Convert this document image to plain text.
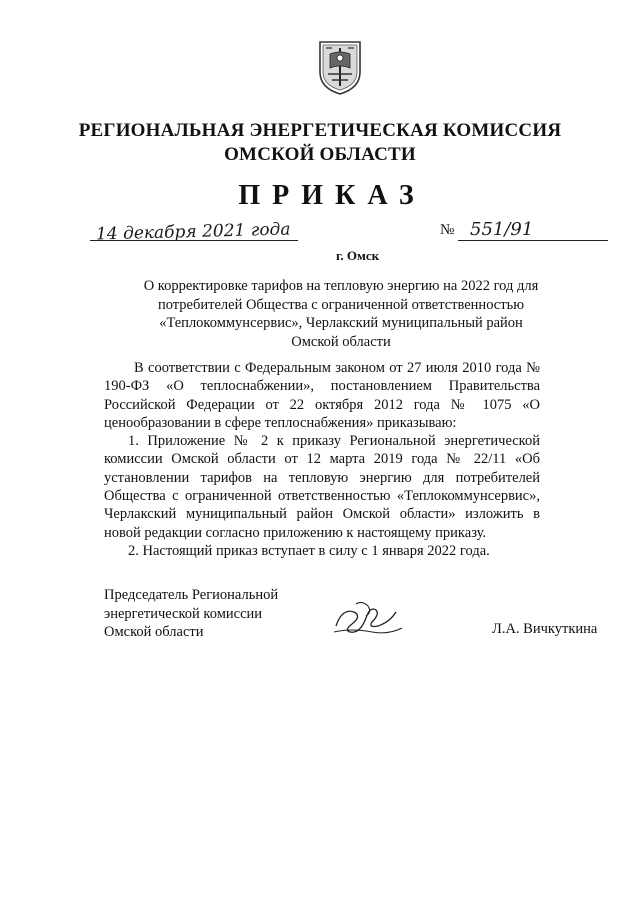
РЕГИОНАЛЬНАЯ ЭНЕРГЕТИЧЕСКАЯ КОМИССИЯ
ОМСКОЙ ОБЛАСТИ
ПРИКАЗ
14 декабря 2021 года
г. Омск
№ 551/91
О корректировке тарифов на тепловую энергию на 2022 год для
потребителей Общества с ограниченной ответственностью
«Теплокоммунсервис», Черлакский муниципальный район
Омской области

В соответствии с Федеральным законом от 27 июля 2010 года № 190-ФЗ «О теплоснабжении», постановлением Правительства Российской Федерации от 22 октября 2012 года № 1075 «О ценообразовании в сфере теплоснабжения» приказываю:

1. Приложение № 2 к приказу Региональной энергетической комиссии Омской области от 12 марта 2019 года № 22/11 «Об установлении тарифов на тепловую энергию для потребителей Общества с ограниченной ответственностью «Теплокоммунсервис», Черлакский муниципальный район Омской области» изложить в новой редакции согласно приложению к настоящему приказу.

2. Настоящий приказ вступает в силу с 1 января 2022 года.

Председатель Региональной
энергетической комиссии
Омской области	Л.А. Вичкуткина
